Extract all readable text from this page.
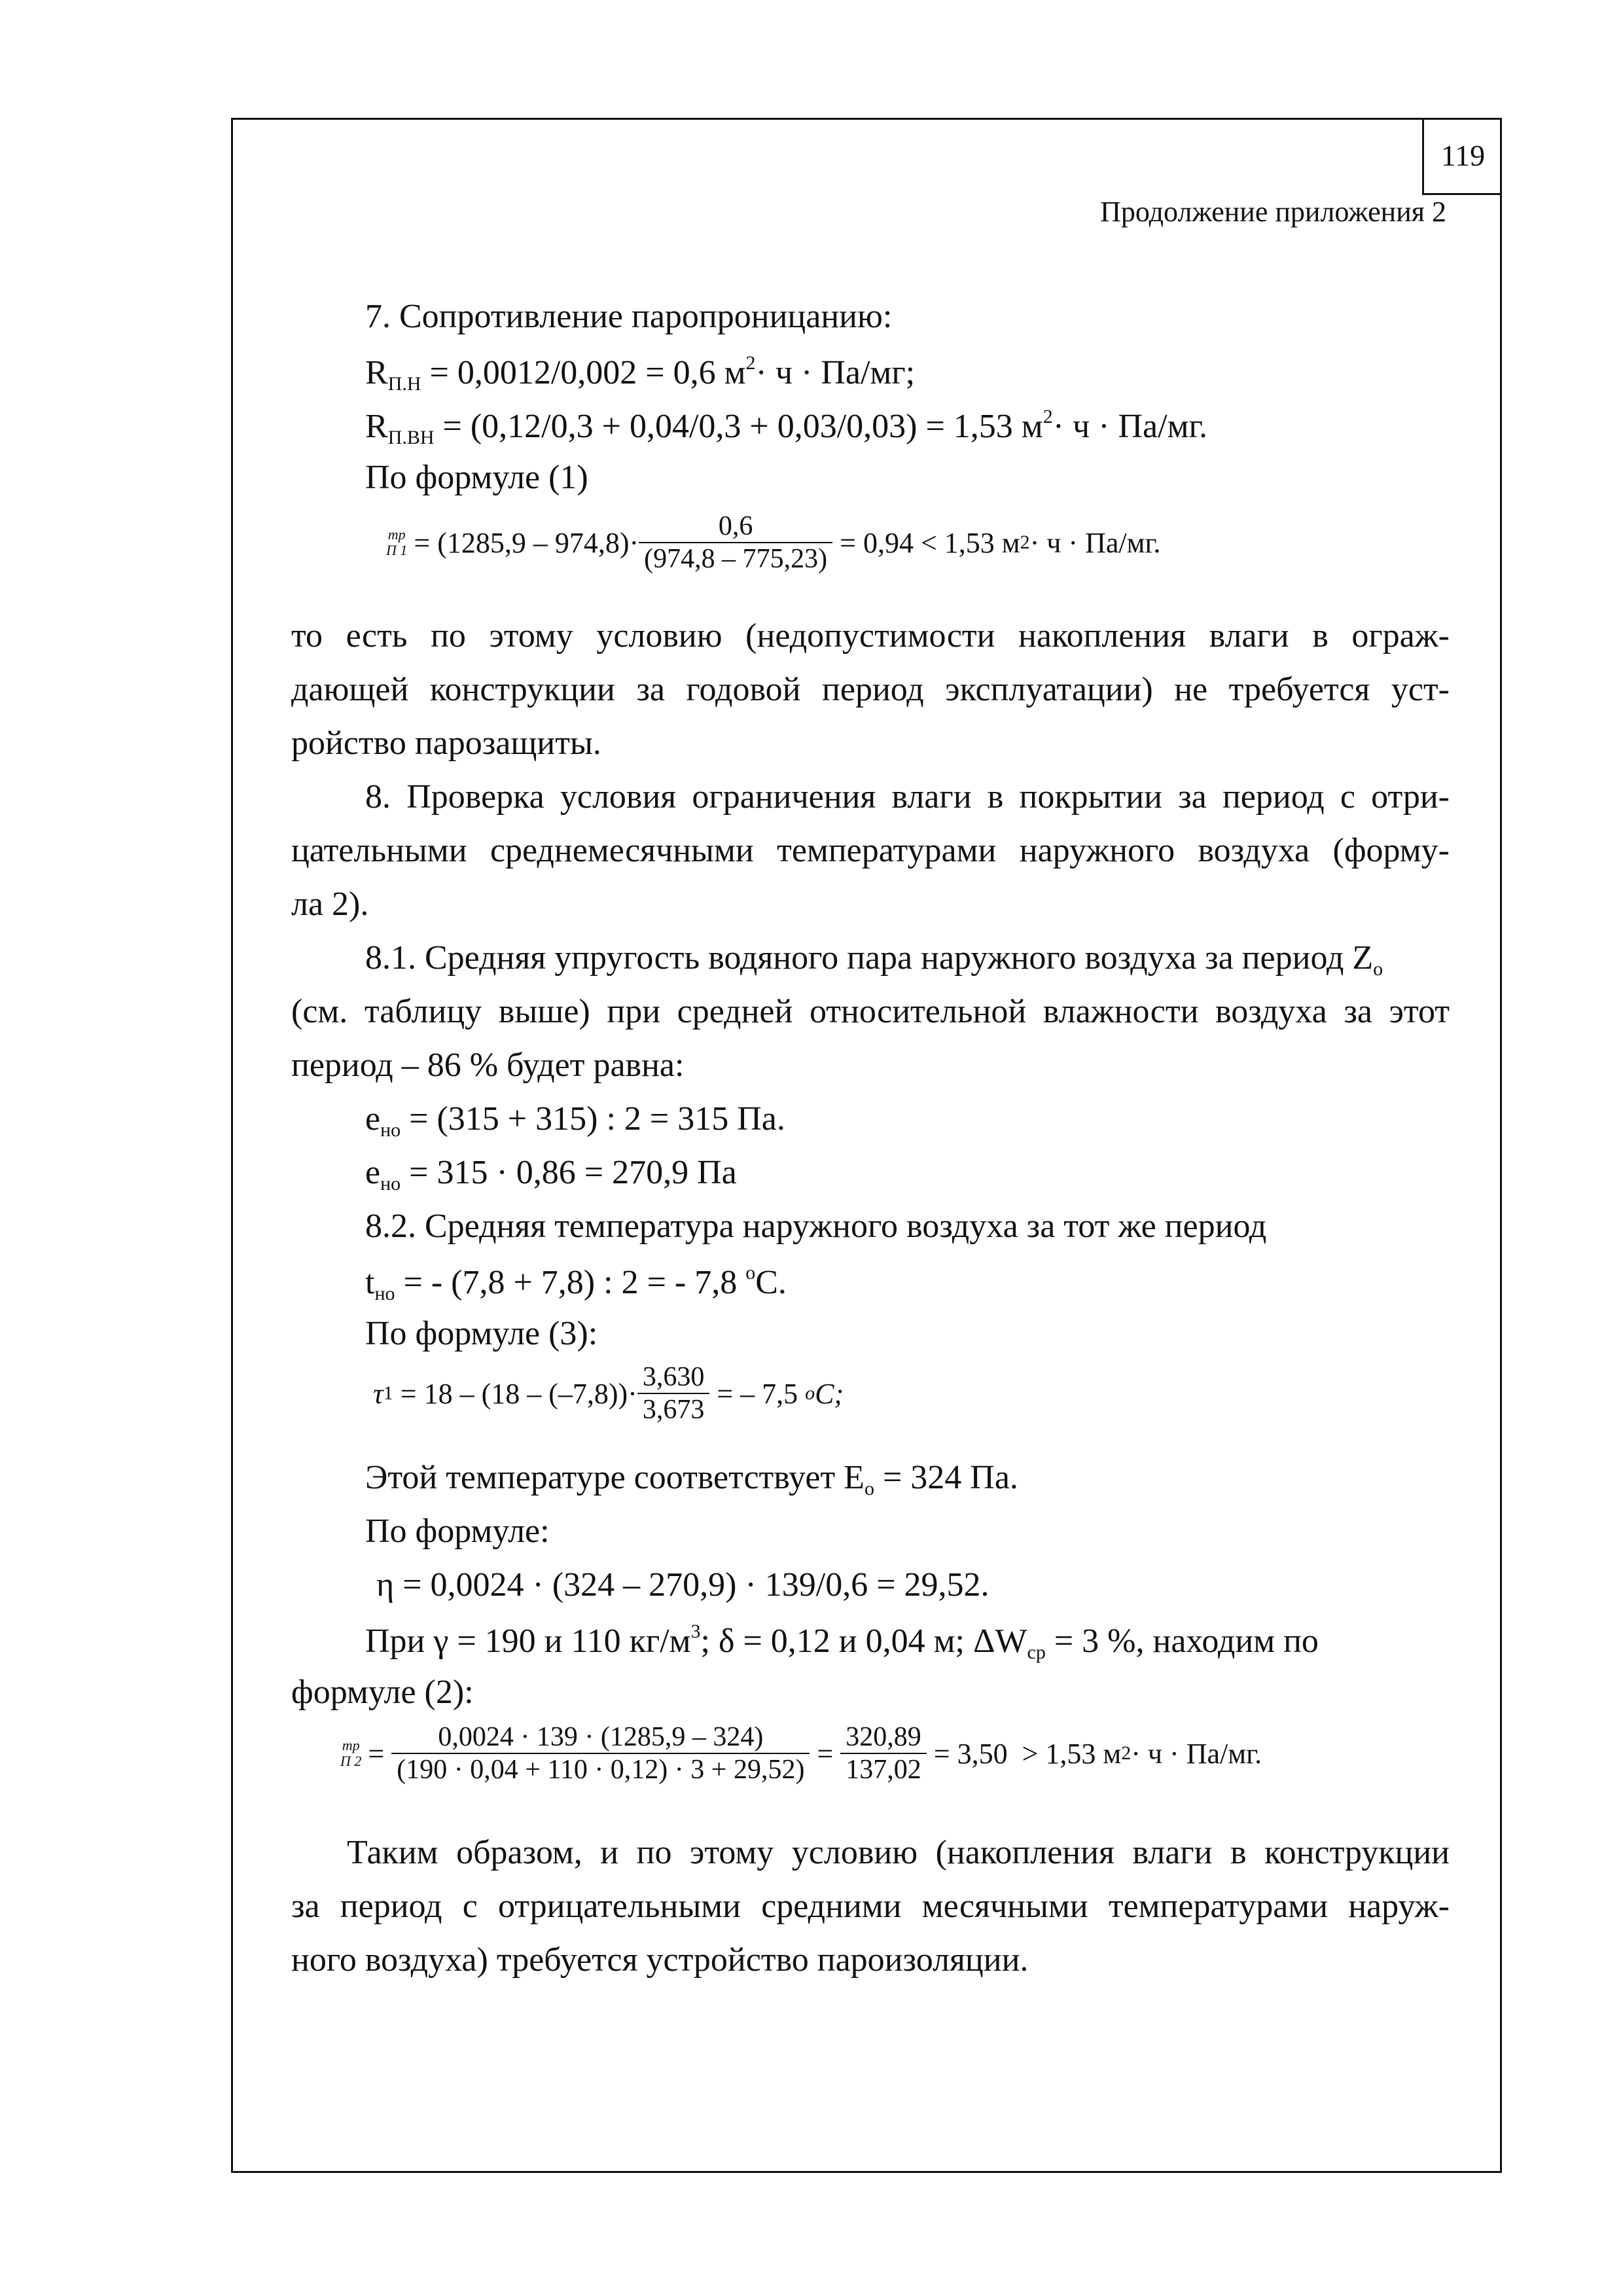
119
Продолжение приложения 2
7. Сопротивление паропроницанию:
$R_{П.Н} = 0,0012/0,002 = 0,6$ $м^2\cdot ч \cdot Па/мг$;
$R_{П.ВН} = (0,12/0,3 + 0,04/0,3 + 0,03/0,03) = 1,53$ $м^2\cdot ч \cdot Па/мг$.
По формуле (1)
тр
П $1 = (1285,9 - 974,8)\cdot \frac{0,6}{(974,8 - 775,23)}$
= 0,94 < 1,53 м 2 · ч · Па/мг.
то есть по этому условию (недопустимости накопления влаги в ограж-
дающей конструкции за годовой период эксплуатации) не требуется уст-
ройство парозащиты.
8. Проверка условия ограничения влаги в покрытии за период с отри-
цательными среднемесячными температурами наружного воздуха (форму-
ла 2).
8.1. Средняя упругость водяного пара наружного воздуха за период $Z_o$
(см. таблицу выше) при средней относительной влажности воздуха за этот
период – 86 % будет равна:
$e_{но} = (315 + 315)$ : 2 = 315 Па.
$e_{но} = 315 \cdot 0,86 = 270,9$ Па
8.2. Средняя температура наружного воздуха за тот же период
$t_{но}$ = - (7,8 + 7,8) : 2 = - 7,8 $^o$C.
По формуле (3):
τ $1 = 18 - (18 - (-7,8))\cdot \frac{3,630}{3,673}$ = – 7,5 o C;
Этой температуре соответствует $E_o = 324$ Па.
По формуле:
η = 0,0024 · (324 – 270,9) · 139/0,6 = 29,52.
При γ = 190 и 110 $кг/м^3$; δ = 0,12 и 0,04 м; $\Delta W_{ср} = 3$ %, находим по
формуле (2):
тр
П $2 = \frac{0,0024 \cdot 139 \cdot (1285,9 - 324)}{(190 \cdot 0,04 + 110 \cdot 0,12) \cdot 3 + 29,52)} = \frac{320,89}{137,02}$
= 3,50  > 1,53 м 2 · ч · Па/мг.
Таким образом, и по этому условию (накопления влаги в конструкции
за период с отрицательными средними месячными температурами наруж-
ного воздуха) требуется устройство пароизоляции.
